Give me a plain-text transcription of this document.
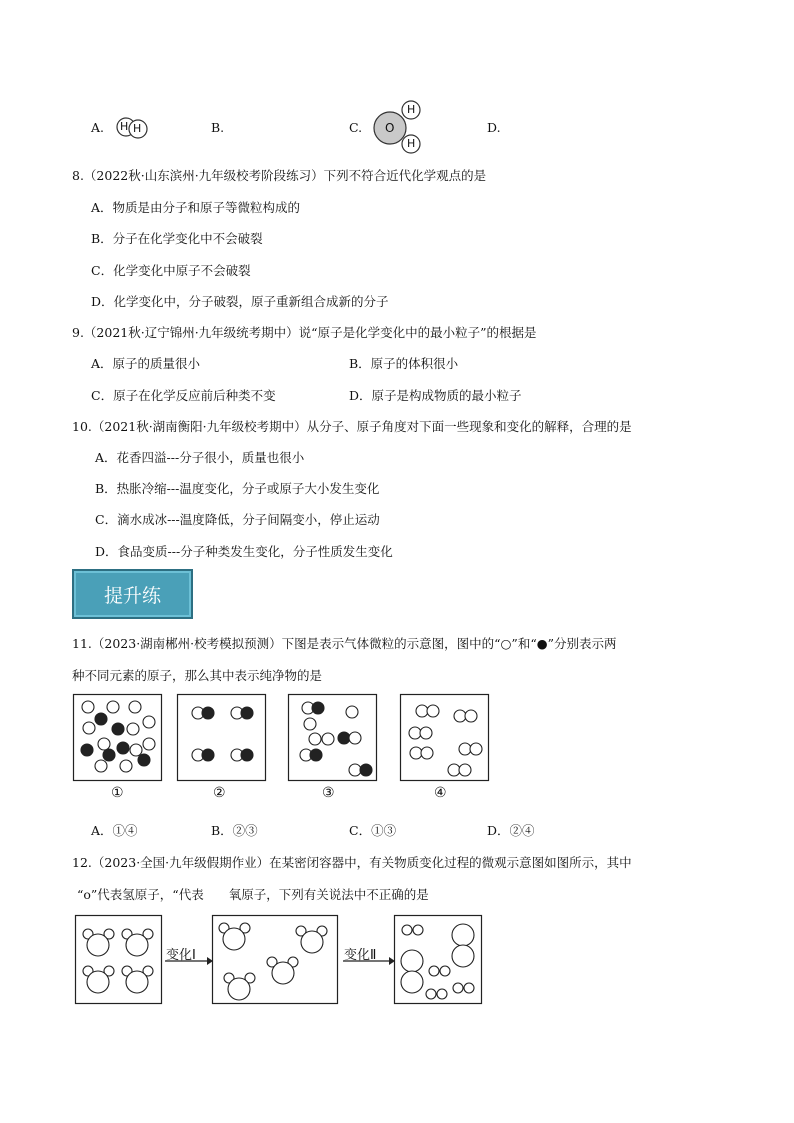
A. H H	B.	C. O
H
H
D.
8.（2022秋·山东滨州·九年级校考阶段练习）下列不符合近代化学观点的是
A．物质是由分子和原子等微粒构成的
B．分子在化学变化中不会破裂
C．化学变化中原子不会破裂
D．化学变化中，分子破裂，原子重新组合成新的分子
9.（2021秋·辽宁锦州·九年级统考期中）说“原子是化学变化中的最小粒子”的根据是
A．原子的质量很小	B．原子的体积很小
C．原子在化学反应前后种类不变	D．原子是构成物质的最小粒子
10.（2021秋·湖南衡阳·九年级校考期中）从分子、原子角度对下面一些现象和变化的解释，合理的是
A．花香四溢---分子很小，质量也很小
B．热胀冷缩---温度变化，分子或原子大小发生变化
C．滴水成冰---温度降低，分子间隔变小，停止运动
D．食品变质---分子种类发生变化，分子性质发生变化
提升练
11.（2023·湖南郴州·校考模拟预测）下图是表示气体微粒的示意图，图中的“○”和“●”分别表示两
种不同元素的原子，那么其中表示纯净物的是
①	②	③	④
A．①④	B．②③	C．①③	D．②④
12.（2023·全国·九年级假期作业）在某密闭容器中，有关物质变化过程的微观示意图如图所示，其中
“o”代表氢原子，“代表　　氧原子，下列有关说法中不正确的是
变化Ⅰ	变化Ⅱ
